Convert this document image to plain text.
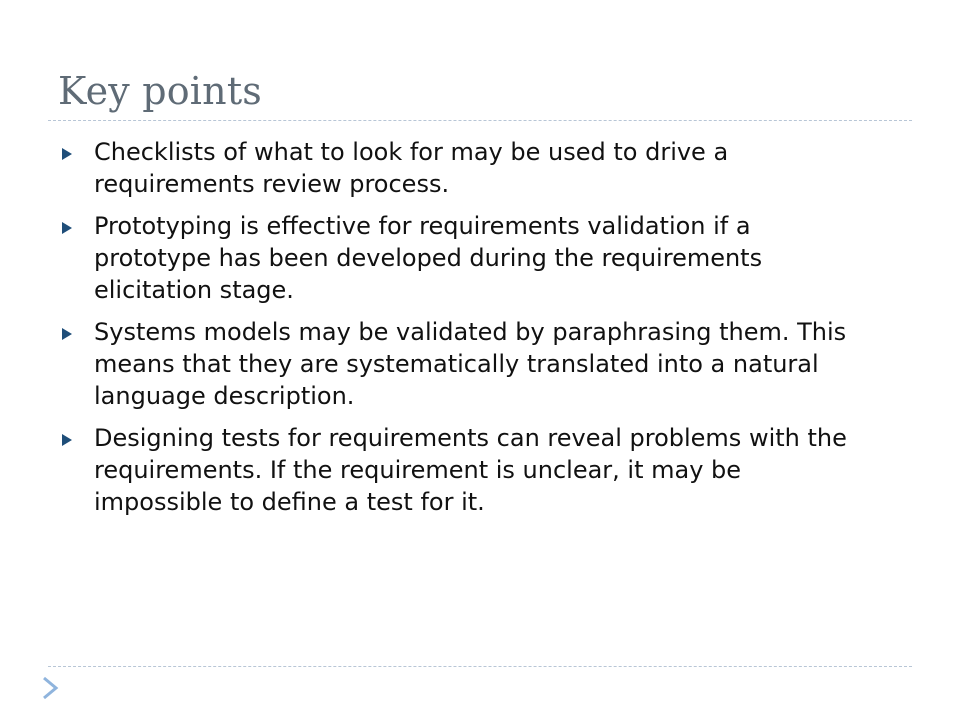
Key points
Checklists of what to look for may be used to drive a requirements review process.
Prototyping is effective for requirements validation if a prototype has been developed during the requirements elicitation stage.
Systems models may be validated by paraphrasing them. This means that they are systematically translated into a natural language description.
Designing tests for requirements can reveal problems with the requirements. If the requirement is unclear, it may be impossible to define a test for it.
